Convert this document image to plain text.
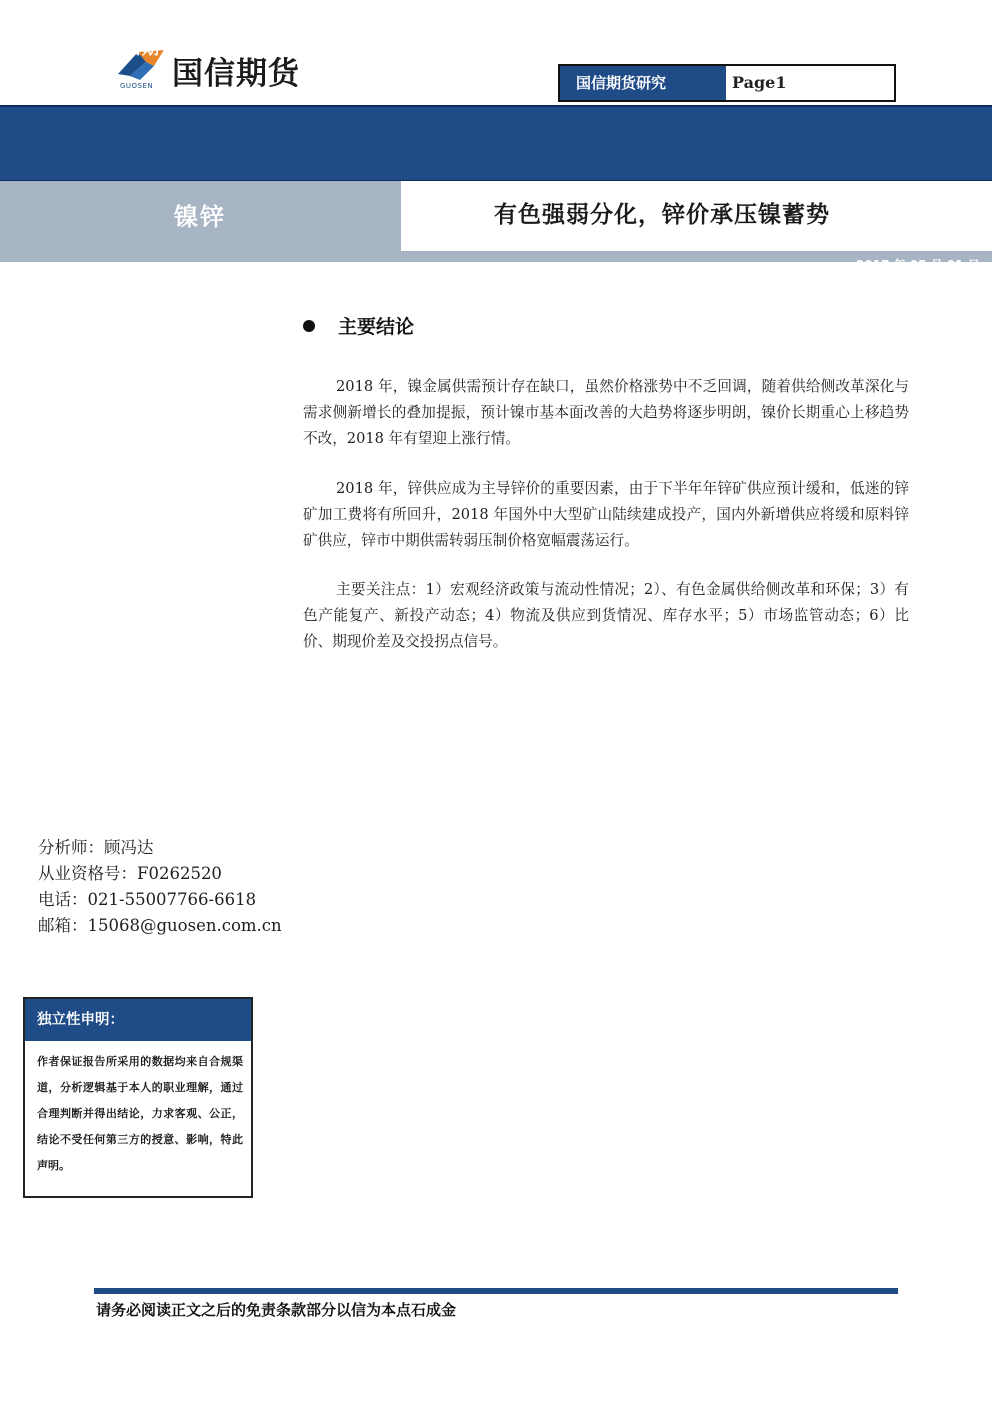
国信期货
GUOSEN	国信期货研究	Page1
国信期货研发部月度报告
镍锌	有色强弱分化，锌价承压镍蓄势
2017 年 05 月 01 日
主要结论

2018 年，镍金属供需预计存在缺口，虽然价格涨势中不乏回调，随着供给侧改革深化与需求侧新增长的叠加提振，预计镍市基本面改善的大趋势将逐步明朗，镍价长期重心上移趋势不改，2018 年有望迎上涨行情。

2018 年，锌供应成为主导锌价的重要因素，由于下半年年锌矿供应预计缓和，低迷的锌矿加工费将有所回升，2018 年国外中大型矿山陆续建成投产，国内外新增供应将缓和原料锌矿供应，锌市中期供需转弱压制价格宽幅震荡运行。

主要关注点：1）宏观经济政策与流动性情况；2）、有色金属供给侧改革和环保；3）有色产能复产、新投产动态；4）物流及供应到货情况、库存水平；5）市场监管动态；6）比价、期现价差及交投拐点信号。

分析师：顾冯达
从业资格号：F0262520
电话：021-55007766-6618
邮箱：15068@guosen.com.cn
独立性申明：
作者保证报告所采用的数据均来自合规渠道，分析逻辑基于本人的职业理解，通过合理判断并得出结论，力求客观、公正，结论不受任何第三方的授意、影响，特此声明。
请务必阅读正文之后的免责条款部分以信为本点石成金
